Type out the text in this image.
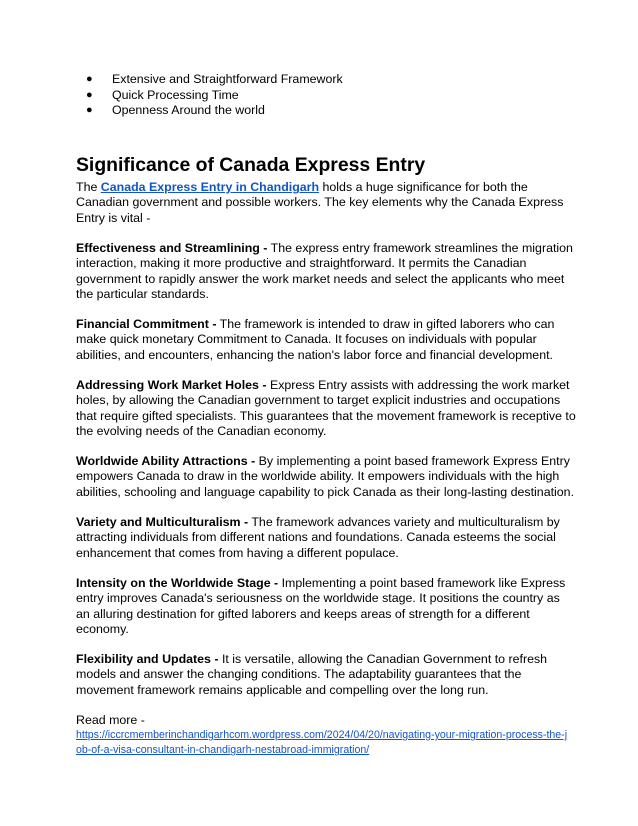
● Extensive and Straightforward Framework
● Quick Processing Time
● Openness Around the world
Significance of Canada Express Entry

The Canada Express Entry in Chandigarh holds a huge significance for both the Canadian government and possible workers. The key elements why the Canada Express Entry is vital -

Effectiveness and Streamlining - The express entry framework streamlines the migration interaction, making it more productive and straightforward. It permits the Canadian government to rapidly answer the work market needs and select the applicants who meet the particular standards.

Financial Commitment - The framework is intended to draw in gifted laborers who can make quick monetary Commitment to Canada. It focuses on individuals with popular abilities, and encounters, enhancing the nation's labor force and financial development.

Addressing Work Market Holes - Express Entry assists with addressing the work market holes, by allowing the Canadian government to target explicit industries and occupations that require gifted specialists. This guarantees that the movement framework is receptive to the evolving needs of the Canadian economy.

Worldwide Ability Attractions - By implementing a point based framework Express Entry empowers Canada to draw in the worldwide ability. It empowers individuals with the high abilities, schooling and language capability to pick Canada as their long-lasting destination.

Variety and Multiculturalism - The framework advances variety and multiculturalism by attracting individuals from different nations and foundations. Canada esteems the social enhancement that comes from having a different populace.

Intensity on the Worldwide Stage - Implementing a point based framework like Express entry improves Canada's seriousness on the worldwide stage. It positions the country as an alluring destination for gifted laborers and keeps areas of strength for a different economy.

Flexibility and Updates - It is versatile, allowing the Canadian Government to refresh models and answer the changing conditions. The adaptability guarantees that the movement framework remains applicable and compelling over the long run.

Read more -

https://iccrcmemberinchandigarhcom.wordpress.com/2024/04/20/navigating-your-migration-process-the-job-of-a-visa-consultant-in-chandigarh-nestabroad-immigration/
